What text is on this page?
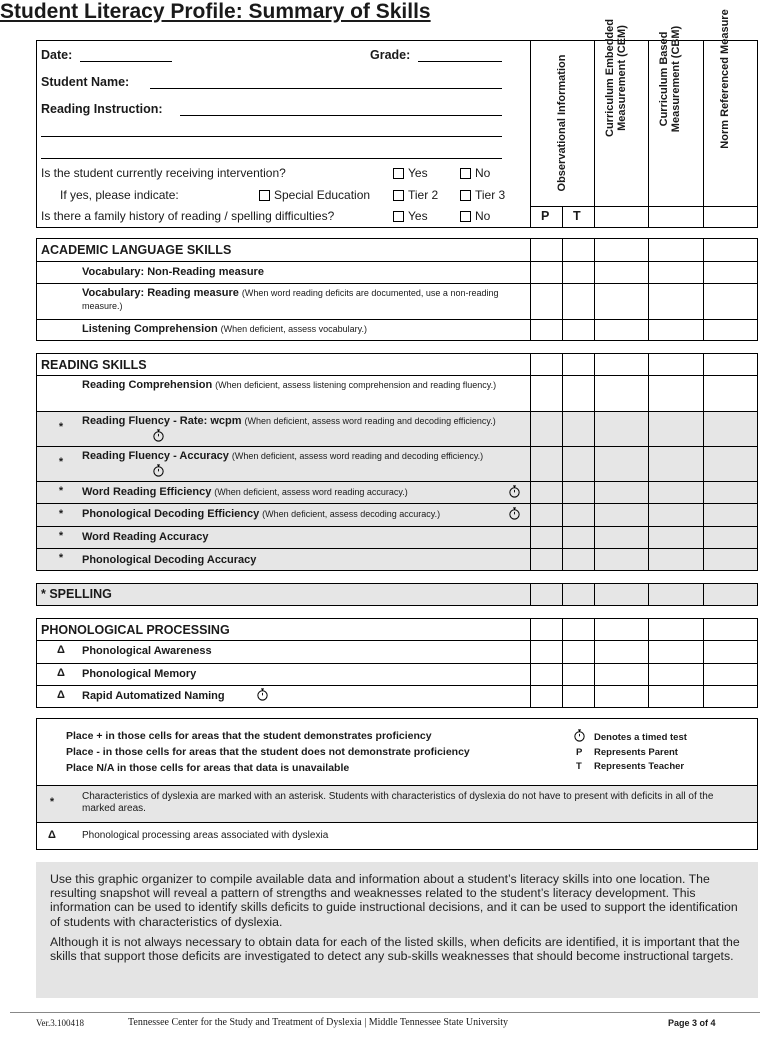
Student Literacy Profile: Summary of Skills
Date:	Grade:
Student Name:
Reading Instruction:
Is the student currently receiving intervention?	Yes	No
If yes, please indicate:	Special Education	Tier 2	Tier 3
Is there a family history of reading / spelling difficulties?	Yes	No
Observational Information	Curriculum Embedded Measurement (CEM)	Curriculum Based Measurement (CBM)	Norm Referenced Measure
P T
ACADEMIC LANGUAGE SKILLS
Vocabulary: Non-Reading measure
Vocabulary: Reading measure (When word reading deficits are documented, use a non-reading measure.)
Listening Comprehension (When deficient, assess vocabulary.)
READING SKILLS
Reading Comprehension (When deficient, assess listening comprehension and reading fluency.)
*	Reading Fluency - Rate: wcpm (When deficient, assess word reading and decoding efficiency.)
*	Reading Fluency - Accuracy (When deficient, assess word reading and decoding efficiency.)
*	Word Reading Efficiency (When deficient, assess word reading accuracy.)
*	Phonological Decoding Efficiency (When deficient, assess decoding accuracy.)
*	Word Reading Accuracy
*	Phonological Decoding Accuracy
* SPELLING
PHONOLOGICAL PROCESSING
Δ Phonological Awareness
Δ Phonological Memory
Δ Rapid Automatized Naming
Place + in those cells for areas that the student demonstrates proficiency
Place - in those cells for areas that the student does not demonstrate proficiency
Place N/A in those cells for areas that data is unavailable
Denotes a timed test
P Represents Parent
T Represents Teacher
*	Characteristics of dyslexia are marked with an asterisk. Students with characteristics of dyslexia do not have to present with deficits in all of the marked areas.
Δ	Phonological processing areas associated with dyslexia

Use this graphic organizer to compile available data and information about a student’s literacy skills into one location. The resulting snapshot will reveal a pattern of strengths and weaknesses related to the student’s literacy development. This information can be used to identify skills deficits to guide instructional decisions, and it can be used to support the identification of students with characteristics of dyslexia.

Although it is not always necessary to obtain data for each of the listed skills, when deficits are identified, it is important that the skills that support those deficits are investigated to detect any sub-skills weaknesses that should become instructional targets.

Ver.3.100418	Tennessee Center for the Study and Treatment of Dyslexia | Middle Tennessee State University	Page 3 of 4
